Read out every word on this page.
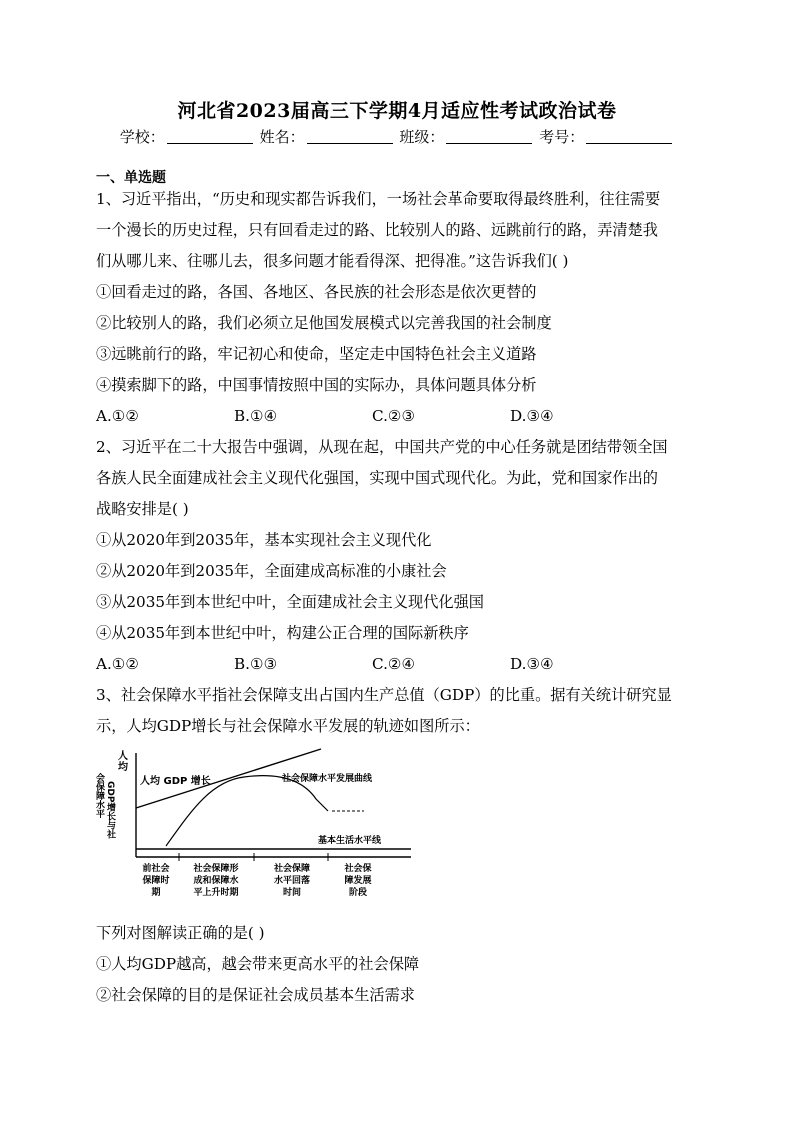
河北省2023届高三下学期4月适应性考试政治试卷
学校：	姓名：	班级：	考号：
一、单选题

1、习近平指出，“历史和现实都告诉我们，一场社会革命要取得最终胜利，往往需要

一个漫长的历史过程，只有回看走过的路、比较别人的路、远跳前行的路，弄清楚我

们从哪儿来、往哪儿去，很多问题才能看得深、把得准。”这告诉我们( )

①回看走过的路，各国、各地区、各民族的社会形态是依次更替的

②比较别人的路，我们必须立足他国发展模式以完善我国的社会制度

③远眺前行的路，牢记初心和使命，坚定走中国特色社会主义道路

④摸索脚下的路，中国事情按照中国的实际办，具体问题具体分析

A.①②	B.①④	C.②③	D.③④

2、习近平在二十大报告中强调，从现在起，中国共产党的中心任务就是团结带领全国

各族人民全面建成社会主义现代化强国，实现中国式现代化。为此，党和国家作出的

战略安排是( )

①从2020年到2035年，基本实现社会主义现代化

②从2020年到2035年，全面建成高标准的小康社会

③从2035年到本世纪中叶，全面建成社会主义现代化强国

④从2035年到本世纪中叶，构建公正合理的国际新秩序

A.①②	B.①③	C.②④	D.③④

3、社会保障水平指社会保障支出占国内生产总值（GDP）的比重。据有关统计研究显

示，人均GDP增长与社会保障水平发展的轨迹如图所示：

人均
GDP增长与社
会保障水平	人均 GDP 增长	社会保障水平发展曲线
基本生活水平线
前社会
保障时
期
社会保障形
成和保障水
平上升时期
社会保障
水平回落
时间
社会保
障发展
阶段

下列对图解读正确的是( )

①人均GDP越高，越会带来更高水平的社会保障

②社会保障的目的是保证社会成员基本生活需求
